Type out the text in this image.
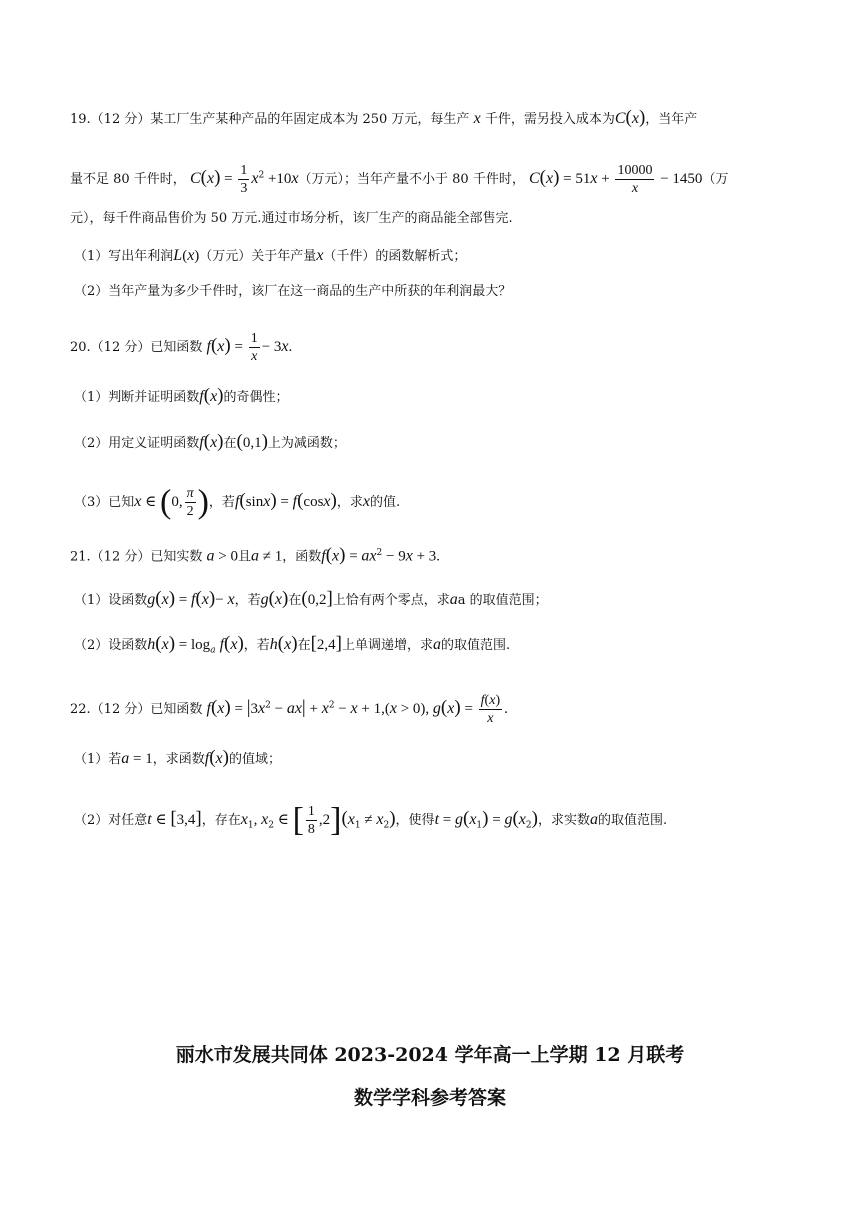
19.（12 分）某工厂生产某种产品的年固定成本为 250 万元，每生产 x 千件，需另投入成本为C(x)，当年产
量不足 80 千件时， $C(x) = \frac{1}{3} x^2 +10x$（万元）；当年产量不小于 80 千件时， $C(x) = 51x + \frac{10000}{x} - 1450$（万
元），每千件商品售价为 50 万元.通过市场分析，该厂生产的商品能全部售完.
（1）写出年利润L(x)（万元）关于年产量x（千件）的函数解析式；
（2）当年产量为多少千件时，该厂在这一商品的生产中所获的年利润最大？
20.（12 分）已知函数 $f(x) = \frac{1}{x} - 3x$.
（1）判断并证明函数f(x)的奇偶性；
（2）用定义证明函数f(x)在(0,1)上为减函数；
（3）已知x ∈ (0, $\frac{\pi}{2}$ )，若f(sinx) = f(cosx)，求x的值.
21.（12 分）已知实数 a > 0且a ≠ 1，函数$f(x) = ax^2 - 9x + 3$.
（1）设函数g(x) = f(x)− x，若g(x)在(0,2]上恰有两个零点，求aa 的取值范围；
（2）设函数$h(x) = \log_a f(x)$，若h(x)在[2,4]上单调递增，求a的取值范围.
22.（12 分）已知函数 $f(x) = |3x^2 - ax| + x^2 - x + 1,(x > 0)$, $g(x) = \frac{f(x)}{x}$ .
（1）若a = 1，求函数f(x)的值域；
（2）对任意t ∈ [3,4]，存在$x_1$, $x_2$ ∈ [ $\frac{1}{8} ,2](x_1 \ne x_2)$，使得$t = g(x_1) = g(x_2)$，求实数a的取值范围.
丽水市发展共同体 2023-2024 学年高一上学期 12 月联考
数学学科参考答案
